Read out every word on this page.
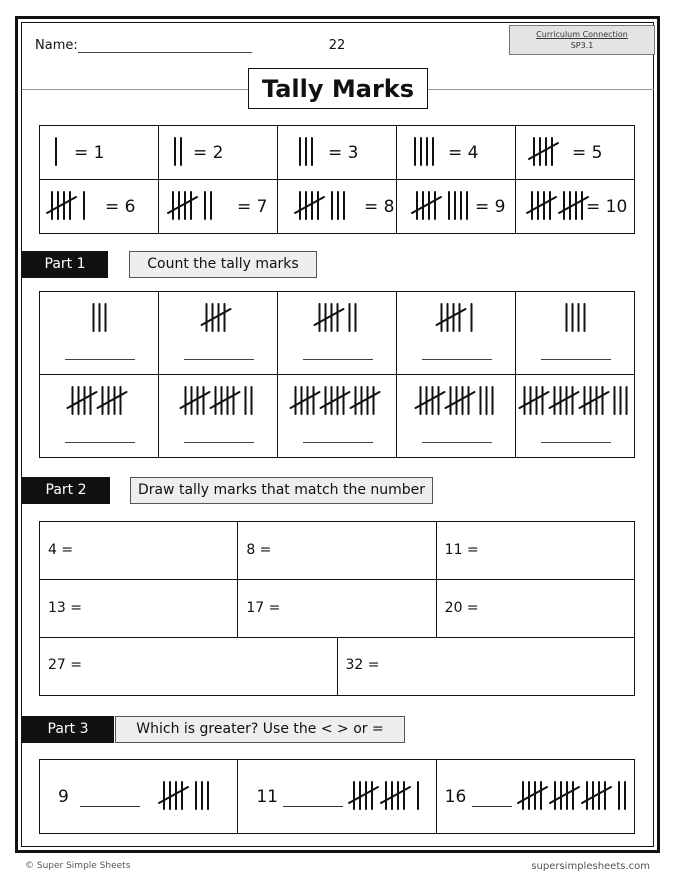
Name:	22
Curriculum Connection
SP3.1
Tally Marks
= 1	= 2	= 3	= 4	= 5

= 6	= 7	= 8	= 9	= 10
Part 1	Count the tally marks

Part 2	Draw tally marks that match the number
4 =	8 =	11 =

13 =	17 =	20 =
27 =	32 =
Part 3	Which is greater? Use the < > or =
9	11	16
© Super Simple Sheets	supersimplesheets.com
